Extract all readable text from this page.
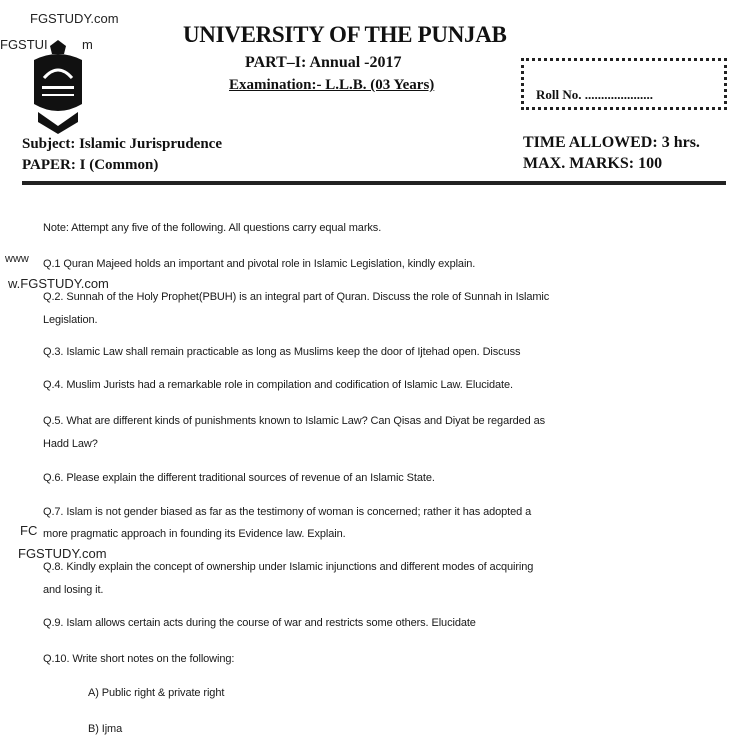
FGSTUDY.com
FGSTUI	m
www
w.FGSTUDY.com
FC
FGSTUDY.com
UNIVERSITY OF THE PUNJAB
PART–I: Annual -2017
Examination:- L.L.B. (03 Years)
Roll No. .....................
Subject: Islamic Jurisprudence
PAPER: I (Common)
TIME ALLOWED: 3 hrs.
MAX. MARKS: 100
Note: Attempt any five of the following. All questions carry equal marks.
Q.1 Quran Majeed holds an important and pivotal role in Islamic Legislation, kindly explain.
Q.2. Sunnah of the Holy Prophet(PBUH) is an integral part of Quran. Discuss the role of Sunnah in Islamic
Legislation.
Q.3. Islamic Law shall remain practicable as long as Muslims keep the door of Ijtehad open. Discuss
Q.4. Muslim Jurists had a remarkable role in compilation and codification of Islamic Law. Elucidate.
Q.5. What are different kinds of punishments known to Islamic Law? Can Qisas and Diyat be regarded as
Hadd Law?
Q.6. Please explain the different traditional sources of revenue of an Islamic State.
Q.7. Islam is not gender biased as far as the testimony of woman is concerned; rather it has adopted a
more pragmatic approach in founding its Evidence law. Explain.
Q.8. Kindly explain the concept of ownership under Islamic injunctions and different modes of acquiring
and losing it.
Q.9. Islam allows certain acts during the course of war and restricts some others. Elucidate
Q.10. Write short notes on the following:
A) Public right & private right
B) Ijma
